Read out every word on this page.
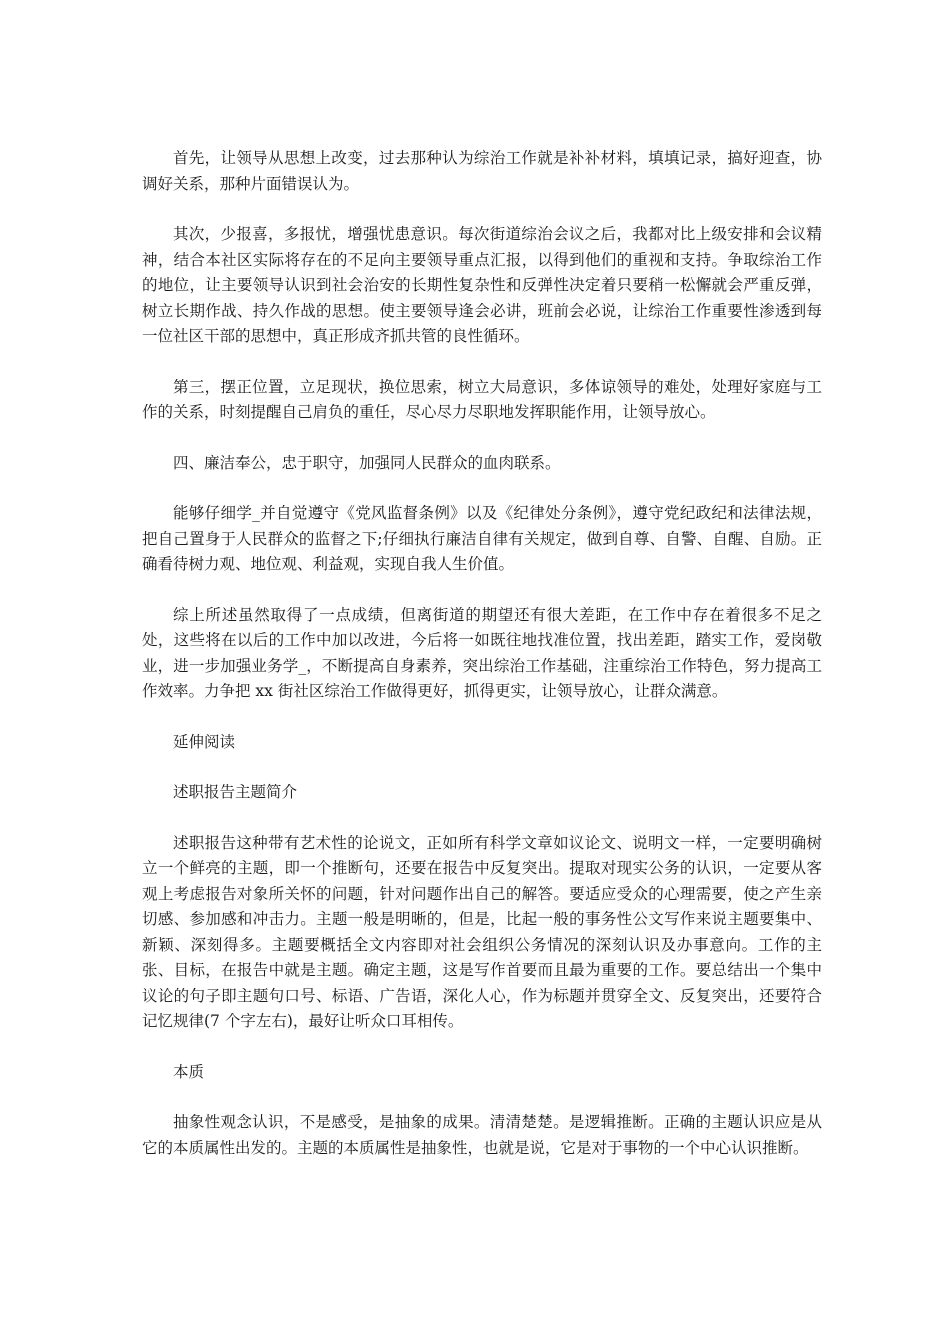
首先，让领导从思想上改变，过去那种认为综治工作就是补补材料，填填记录，搞好迎查，协调好关系，那种片面错误认为。

其次，少报喜，多报忧，增强忧患意识。每次街道综治会议之后，我都对比上级安排和会议精神，结合本社区实际将存在的不足向主要领导重点汇报，以得到他们的重视和支持。争取综治工作的地位，让主要领导认识到社会治安的长期性复杂性和反弹性决定着只要稍一松懈就会严重反弹，树立长期作战、持久作战的思想。使主要领导逢会必讲，班前会必说，让综治工作重要性渗透到每一位社区干部的思想中，真正形成齐抓共管的良性循环。

第三，摆正位置，立足现状，换位思索，树立大局意识，多体谅领导的难处，处理好家庭与工作的关系，时刻提醒自己肩负的重任，尽心尽力尽职地发挥职能作用，让领导放心。

四、廉洁奉公，忠于职守，加强同人民群众的血肉联系。

能够仔细学_并自觉遵守《党风监督条例》以及《纪律处分条例》，遵守党纪政纪和法律法规，把自己置身于人民群众的监督之下;仔细执行廉洁自律有关规定，做到自尊、自警、自醒、自励。正确看待树力观、地位观、利益观，实现自我人生价值。

综上所述虽然取得了一点成绩，但离街道的期望还有很大差距，在工作中存在着很多不足之处，这些将在以后的工作中加以改进，今后将一如既往地找准位置，找出差距，踏实工作，爱岗敬业，进一步加强业务学_，不断提高自身素养，突出综治工作基础，注重综治工作特色，努力提高工作效率。力争把 xx 街社区综治工作做得更好，抓得更实，让领导放心，让群众满意。

延伸阅读

述职报告主题简介

述职报告这种带有艺术性的论说文，正如所有科学文章如议论文、说明文一样，一定要明确树立一个鲜亮的主题，即一个推断句，还要在报告中反复突出。提取对现实公务的认识，一定要从客观上考虑报告对象所关怀的问题，针对问题作出自己的解答。要适应受众的心理需要，使之产生亲切感、参加感和冲击力。主题一般是明晰的，但是，比起一般的事务性公文写作来说主题要集中、新颖、深刻得多。主题要概括全文内容即对社会组织公务情况的深刻认识及办事意向。工作的主张、目标，在报告中就是主题。确定主题，这是写作首要而且最为重要的工作。要总结出一个集中议论的句子即主题句口号、标语、广告语，深化人心，作为标题并贯穿全文、反复突出，还要符合记忆规律(7 个字左右)，最好让听众口耳相传。

本质

抽象性观念认识，不是感受，是抽象的成果。清清楚楚。是逻辑推断。正确的主题认识应是从它的本质属性出发的。主题的本质属性是抽象性，也就是说，它是对于事物的一个中心认识推断。
